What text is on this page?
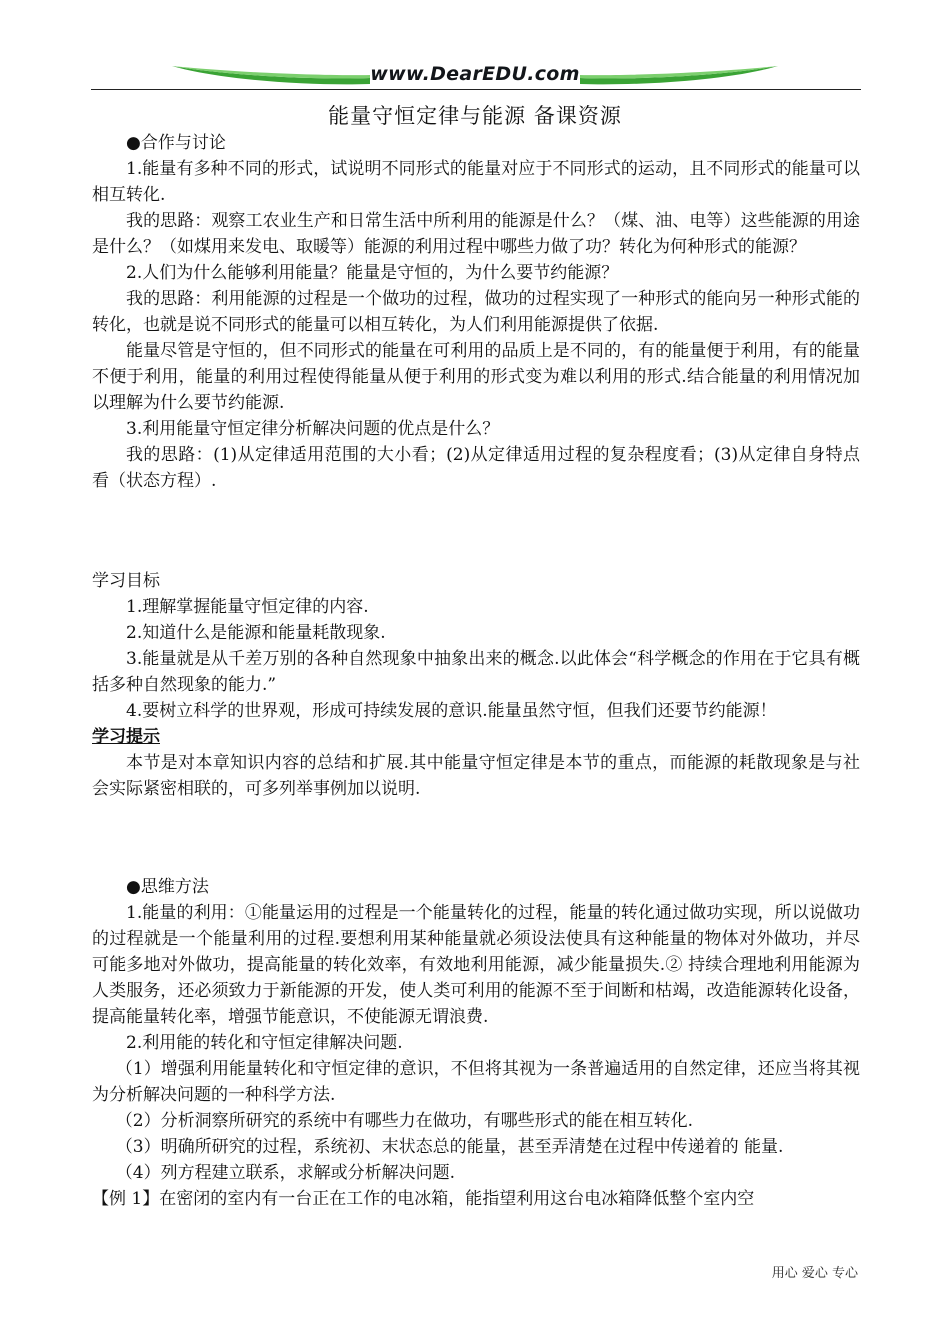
www.DearEDU.com
能量守恒定律与能源 备课资源

●合作与讨论

1.能量有多种不同的形式，试说明不同形式的能量对应于不同形式的运动，且不同形式的能量可以相互转化.

我的思路：观察工农业生产和日常生活中所利用的能源是什么？（煤、油、电等）这些能源的用途是什么？（如煤用来发电、取暖等）能源的利用过程中哪些力做了功？转化为何种形式的能源？

2.人们为什么能够利用能量？能量是守恒的，为什么要节约能源？

我的思路：利用能源的过程是一个做功的过程，做功的过程实现了一种形式的能向另一种形式能的转化，也就是说不同形式的能量可以相互转化，为人们利用能源提供了依据.

能量尽管是守恒的，但不同形式的能量在可利用的品质上是不同的，有的能量便于利用，有的能量不便于利用，能量的利用过程使得能量从便于利用的形式变为难以利用的形式.结合能量的利用情况加以理解为什么要节约能源.

3.利用能量守恒定律分析解决问题的优点是什么？

我的思路：(1)从定律适用范围的大小看；(2)从定律适用过程的复杂程度看；(3)从定律自身特点看（状态方程）.

学习目标

1.理解掌握能量守恒定律的内容.

2.知道什么是能源和能量耗散现象.

3.能量就是从千差万别的各种自然现象中抽象出来的概念.以此体会“科学概念的作用在于它具有概括多种自然现象的能力.”

4.要树立科学的世界观，形成可持续发展的意识.能量虽然守恒，但我们还要节约能源！

学习提示

本节是对本章知识内容的总结和扩展.其中能量守恒定律是本节的重点，而能源的耗散现象是与社会实际紧密相联的，可多列举事例加以说明.

●思维方法

1.能量的利用：①能量运用的过程是一个能量转化的过程，能量的转化通过做功实现，所以说做功的过程就是一个能量利用的过程.要想利用某种能量就必须设法使具有这种能量的物体对外做功，并尽可能多地对外做功，提高能量的转化效率，有效地利用能源，减少能量损失.② 持续合理地利用能源为人类服务，还必须致力于新能源的开发，使人类可利用的能源不至于间断和枯竭，改造能源转化设备，提高能量转化率，增强节能意识，不使能源无谓浪费.

2.利用能的转化和守恒定律解决问题.

（1）增强利用能量转化和守恒定律的意识，不但将其视为一条普遍适用的自然定律，还应当将其视为分析解决问题的一种科学方法.

（2）分析洞察所研究的系统中有哪些力在做功，有哪些形式的能在相互转化.

（3）明确所研究的过程，系统初、末状态总的能量，甚至弄清楚在过程中传递着的 能量.

（4）列方程建立联系，求解或分析解决问题.

【例 1】在密闭的室内有一台正在工作的电冰箱，能指望利用这台电冰箱降低整个室内空

用心 爱心 专心
